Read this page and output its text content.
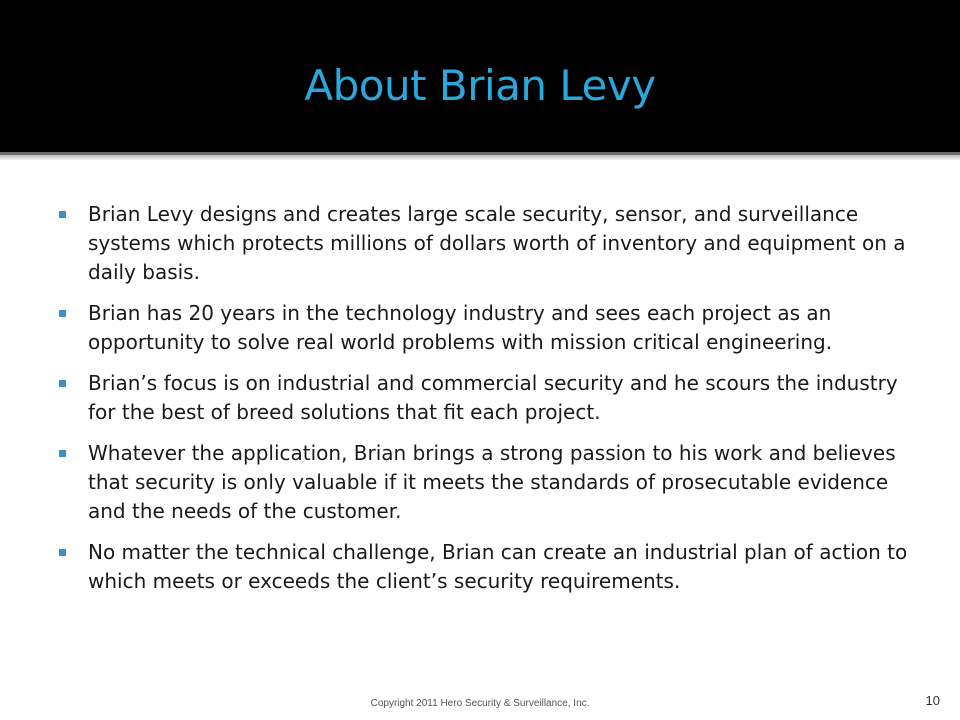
About Brian Levy
Brian Levy designs and creates large scale security, sensor, and surveillance systems which protects millions of dollars worth of inventory and equipment on a daily basis.
Brian has 20 years in the technology industry and sees each project as an opportunity to solve real world problems with mission critical engineering.
Brian’s focus is on industrial and commercial security and he scours the industry for the best of breed solutions that fit each project.
Whatever the application, Brian brings a strong passion to his work and believes that security is only valuable if it meets the standards of prosecutable evidence and the needs of the customer.
No matter the technical challenge, Brian can create an industrial plan of action to which meets or exceeds the client’s security requirements.
Copyright 2011 Hero Security & Surveillance, Inc.	10
